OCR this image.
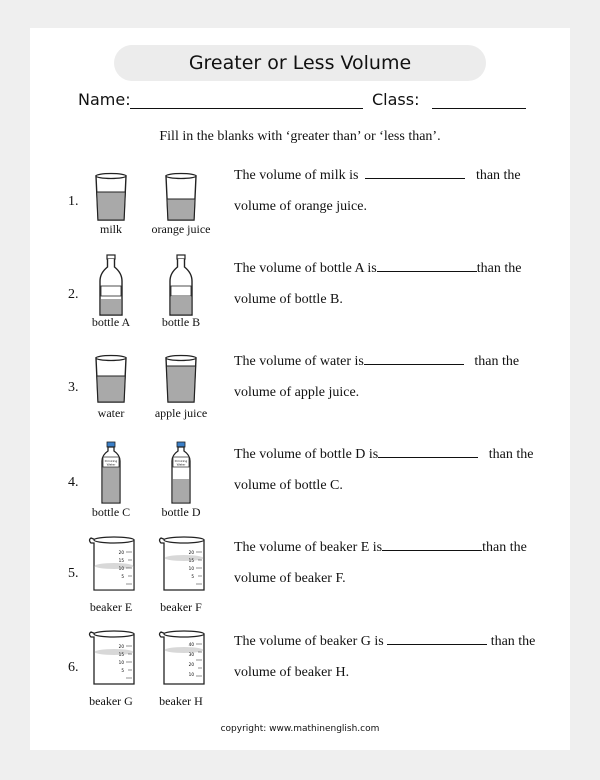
Greater or Less Volume
Name:	Class:
Fill in the blanks with ‘greater than’ or ‘less than’.
1.
milk	orange juice
The volume of milk is	than the
volume of orange juice.
2.
bottle A	bottle B
The volume of bottle A is	than the
volume of bottle B.
3.
water	apple juice
The volume of water is	than the
volume of apple juice.
4.
Drinking
Water
Drinking
Water
bottle C	bottle D
The volume of bottle D is	than the
volume of bottle C.
5.
20
15
10
5
20
15
10
5
beaker E	beaker F
The volume of beaker E is	than the
volume of beaker F.
6.
20
15
10
5
40
30
20
10
beaker G	beaker H
The volume of beaker G is	than the
volume of beaker H.
copyright: www.mathinenglish.com
